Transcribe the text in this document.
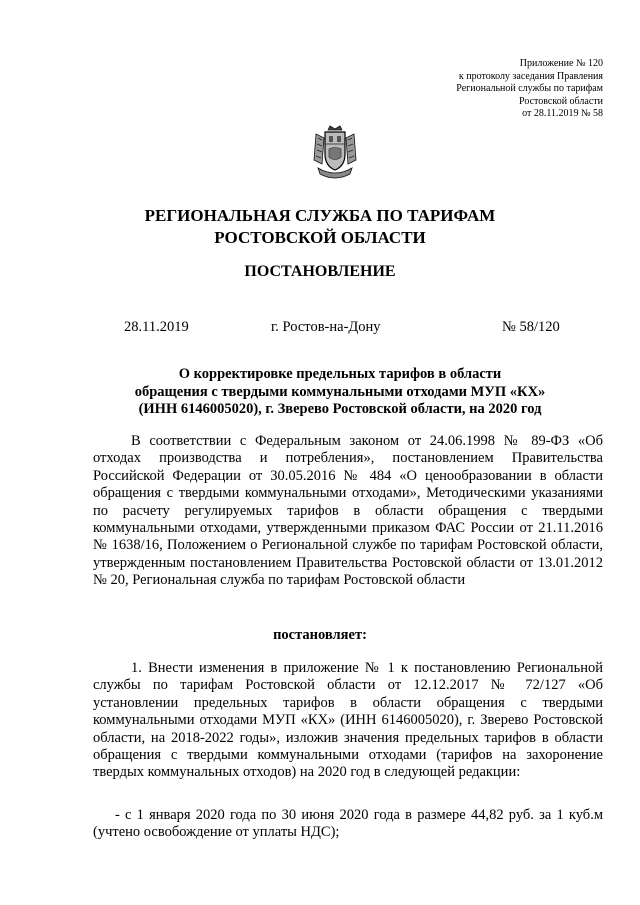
Приложение № 120
к протоколу заседания Правления
Региональной службы по тарифам
Ростовской области
от 28.11.2019 № 58
РЕГИОНАЛЬНАЯ СЛУЖБА ПО ТАРИФАМ
РОСТОВСКОЙ ОБЛАСТИ
ПОСТАНОВЛЕНИЕ
28.11.2019	г. Ростов-на-Дону	№ 58/120
О корректировке предельных тарифов в области
обращения с твердыми коммунальными отходами МУП «КХ»
(ИНН 6146005020), г. Зверево Ростовской области, на 2020 год
В соответствии с Федеральным законом от 24.06.1998 № 89-ФЗ «Об отходах производства и потребления», постановлением Правительства Российской Федерации от 30.05.2016 № 484 «О ценообразовании в области обращения с твердыми коммунальными отходами», Методическими указаниями по расчету регулируемых тарифов в области обращения с твердыми коммунальными отходами, утвержденными приказом ФАС России от 21.11.2016 № 1638/16, Положением о Региональной службе по тарифам Ростовской области, утвержденным постановлением Правительства Ростовской области от 13.01.2012 № 20, Региональная служба по тарифам Ростовской области
постановляет:
1. Внести изменения в приложение № 1 к постановлению Региональной службы по тарифам Ростовской области от 12.12.2017 № 72/127 «Об установлении предельных тарифов в области обращения с твердыми коммунальными отходами МУП «КХ» (ИНН 6146005020), г. Зверево Ростовской области, на 2018-2022 годы», изложив значения предельных тарифов в области обращения с твердыми коммунальными отходами (тарифов на захоронение твердых коммунальных отходов) на 2020 год в следующей редакции:
- с 1 января 2020 года по 30 июня 2020 года в размере 44,82 руб. за 1 куб.м (учтено освобождение от уплаты НДС);
